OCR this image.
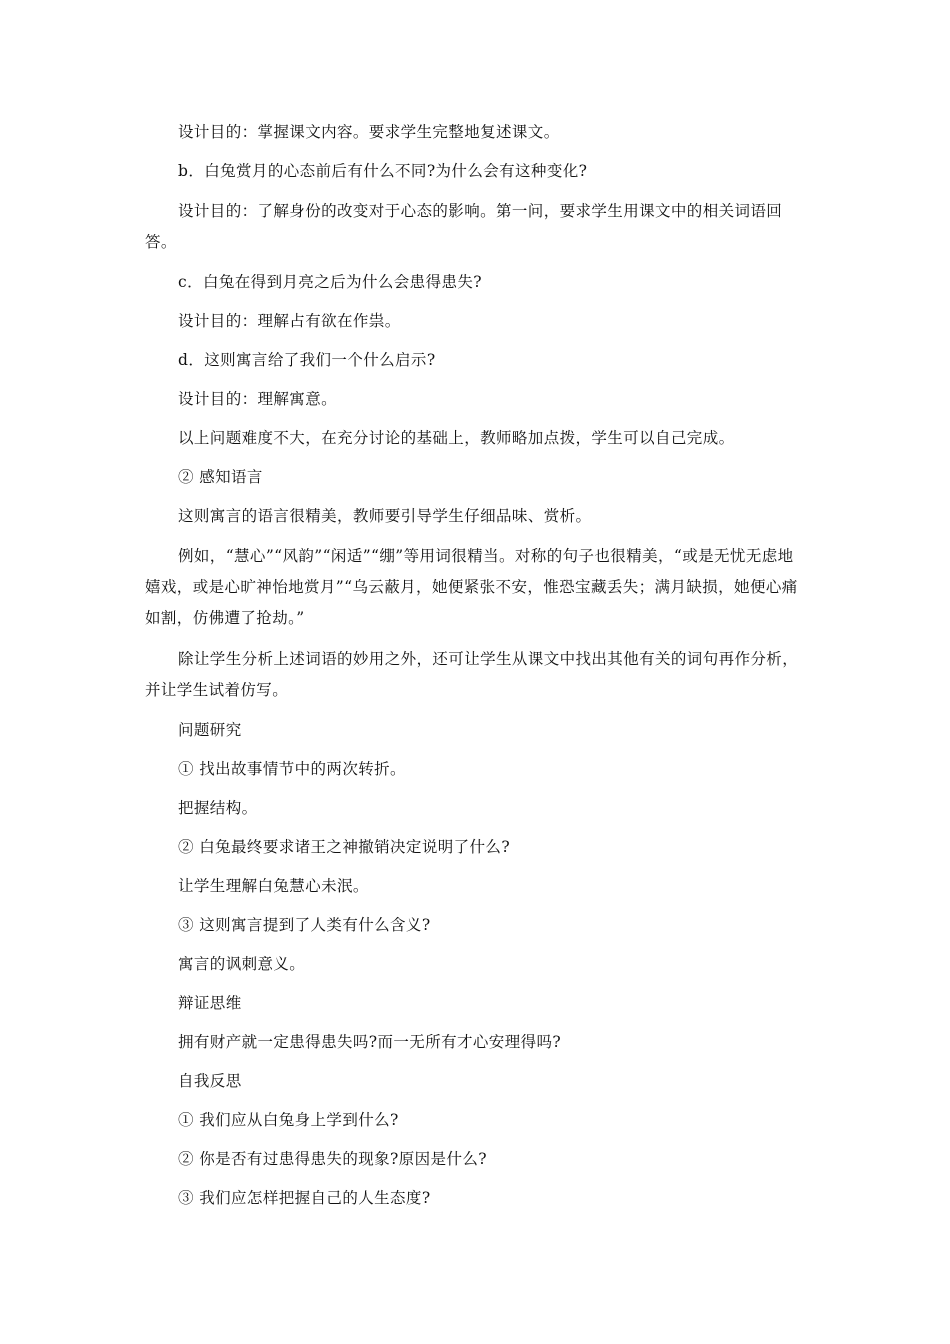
设计目的：掌握课文内容。要求学生完整地复述课文。

b．白兔赏月的心态前后有什么不同?为什么会有这种变化?

设计目的：了解身份的改变对于心态的影响。第一问，要求学生用课文中的相关词语回答。

c．白兔在得到月亮之后为什么会患得患失?

设计目的：理解占有欲在作祟。

d．这则寓言给了我们一个什么启示?

设计目的：理解寓意。

以上问题难度不大，在充分讨论的基础上，教师略加点拨，学生可以自己完成。

② 感知语言

这则寓言的语言很精美，教师要引导学生仔细品味、赏析。

例如，“慧心”“风韵”“闲适”“绷”等用词很精当。对称的句子也很精美，“或是无忧无虑地嬉戏，或是心旷神怡地赏月”“乌云蔽月，她便紧张不安，惟恐宝藏丢失；满月缺损，她便心痛如割，仿佛遭了抢劫。”

除让学生分析上述词语的妙用之外，还可让学生从课文中找出其他有关的词句再作分析，并让学生试着仿写。

问题研究

① 找出故事情节中的两次转折。

把握结构。

② 白兔最终要求诸王之神撤销决定说明了什么?

让学生理解白兔慧心未泯。

③ 这则寓言提到了人类有什么含义?

寓言的讽刺意义。

辩证思维

拥有财产就一定患得患失吗?而一无所有才心安理得吗?

自我反思

① 我们应从白兔身上学到什么?

② 你是否有过患得患失的现象?原因是什么?

③ 我们应怎样把握自己的人生态度?
